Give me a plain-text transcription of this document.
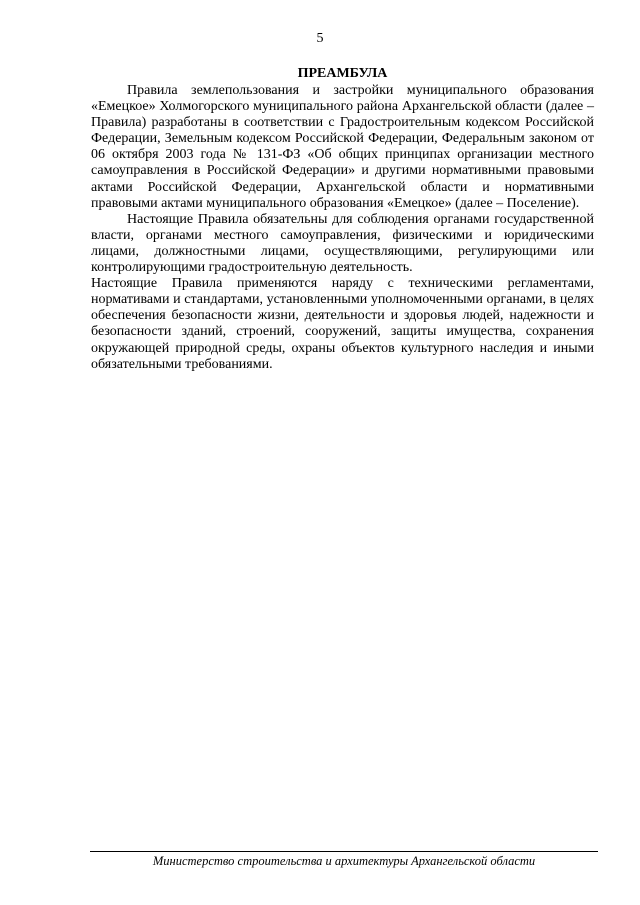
5
ПРЕАМБУЛА

Правила землепользования и застройки муниципального образования «Емецкое» Холмогорского муниципального района Архангельской области (далее – Правила) разработаны в соответствии с Градостроительным кодексом Российской Федерации, Земельным кодексом Российской Федерации, Федеральным законом от 06 октября 2003 года № 131-ФЗ «Об общих принципах организации местного самоуправления в Российской Федерации» и другими нормативными правовыми актами Российской Федерации, Архангельской области и нормативными правовыми актами муниципального образования «Емецкое» (далее – Поселение).

Настоящие Правила обязательны для соблюдения органами государственной власти, органами местного самоуправления, физическими и юридическими лицами, должностными лицами, осуществляющими, регулирующими или контролирующими градостроительную деятельность.

Настоящие Правила применяются наряду с техническими регламентами, нормативами и стандартами, установленными уполномоченными органами, в целях обеспечения безопасности жизни, деятельности и здоровья людей, надежности и безопасности зданий, строений, сооружений, защиты имущества, сохранения окружающей природной среды, охраны объектов культурного наследия и иными обязательными требованиями.

Министерство строительства и архитектуры Архангельской области
